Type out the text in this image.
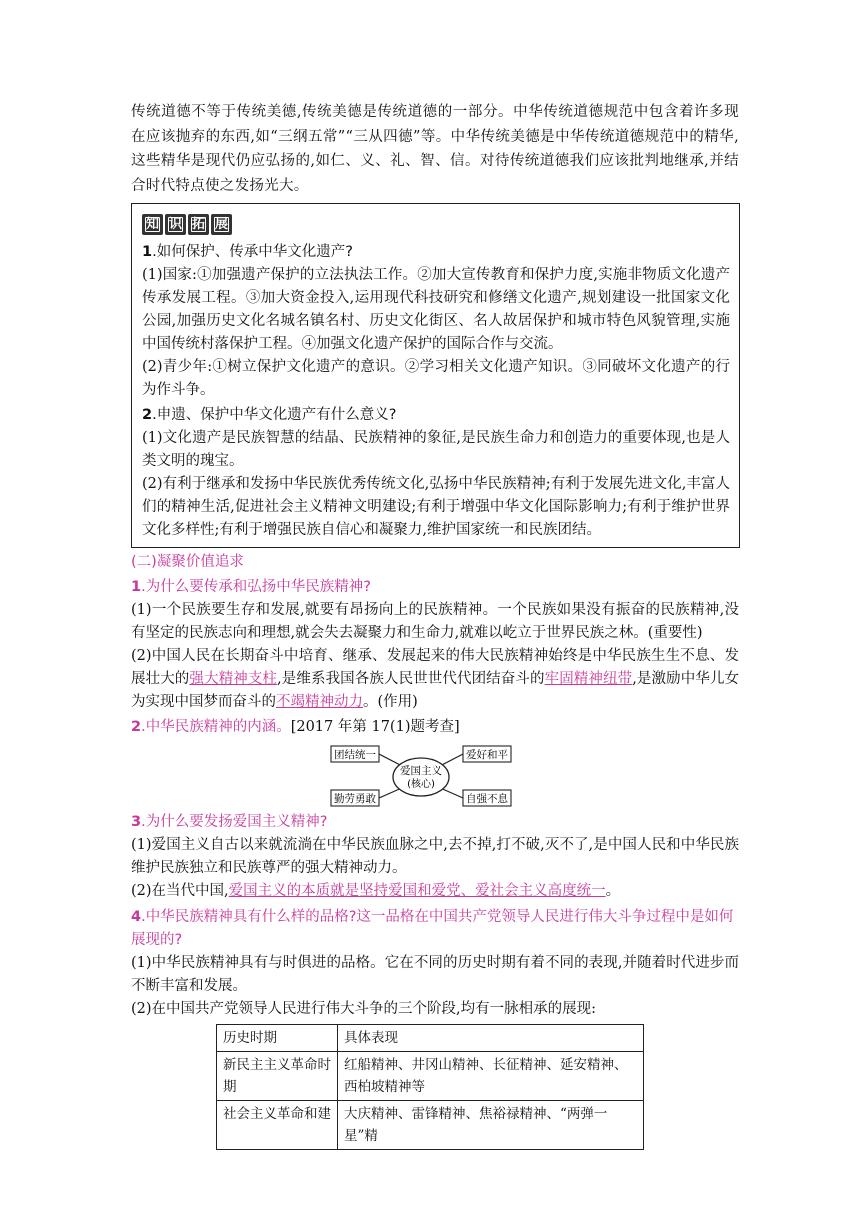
传统道德不等于传统美德,传统美德是传统道德的一部分。中华传统道德规范中包含着许多现在应该抛弃的东西,如“三纲五常”“三从四德”等。中华传统美德是中华传统道德规范中的精华,这些精华是现代仍应弘扬的,如仁、义、礼、智、信。对待传统道德我们应该批判地继承,并结合时代特点使之发扬光大。

知 识 拓 展
1.如何保护、传承中华文化遗产?

(1)国家:①加强遗产保护的立法执法工作。②加大宣传教育和保护力度,实施非物质文化遗产传承发展工程。③加大资金投入,运用现代科技研究和修缮文化遗产,规划建设一批国家文化公园,加强历史文化名城名镇名村、历史文化街区、名人故居保护和城市特色风貌管理,实施中国传统村落保护工程。④加强文化遗产保护的国际合作与交流。

(2)青少年:①树立保护文化遗产的意识。②学习相关文化遗产知识。③同破坏文化遗产的行为作斗争。

2.申遗、保护中华文化遗产有什么意义?

(1)文化遗产是民族智慧的结晶、民族精神的象征,是民族生命力和创造力的重要体现,也是人类文明的瑰宝。

(2)有利于继承和发扬中华民族优秀传统文化,弘扬中华民族精神;有利于发展先进文化,丰富人们的精神生活,促进社会主义精神文明建设;有利于增强中华文化国际影响力;有利于维护世界文化多样性;有利于增强民族自信心和凝聚力,维护国家统一和民族团结。

(二)凝聚价值追求
1.为什么要传承和弘扬中华民族精神?

(1)一个民族要生存和发展,就要有昂扬向上的民族精神。一个民族如果没有振奋的民族精神,没有坚定的民族志向和理想,就会失去凝聚力和生命力,就难以屹立于世界民族之林。(重要性)

(2)中国人民在长期奋斗中培育、继承、发展起来的伟大民族精神始终是中华民族生生不息、发展壮大的强大精神支柱,是维系我国各族人民世世代代团结奋斗的牢固精神纽带,是激励中华儿女为实现中国梦而奋斗的不竭精神动力。(作用)

2.中华民族精神的内涵。[2017 年第 17(1)题考查]
爱国主义
(核心)
团结统一	爱好和平
勤劳勇敢	自强不息
3.为什么要发扬爱国主义精神?

(1)爱国主义自古以来就流淌在中华民族血脉之中,去不掉,打不破,灭不了,是中国人民和中华民族维护民族独立和民族尊严的强大精神动力。

(2)在当代中国,爱国主义的本质就是坚持爱国和爱党、爱社会主义高度统一。

4.中华民族精神具有什么样的品格?这一品格在中国共产党领导人民进行伟大斗争过程中是如何展现的?

(1)中华民族精神具有与时俱进的品格。它在不同的历史时期有着不同的表现,并随着时代进步而不断丰富和发展。

(2)在中国共产党领导人民进行伟大斗争的三个阶段,均有一脉相承的展现:

历史时期	具体表现
新民主主义革命时期	红船精神、井冈山精神、长征精神、延安精神、西柏坡精神等
社会主义革命和建	大庆精神、雷锋精神、焦裕禄精神、“两弹一星”精
